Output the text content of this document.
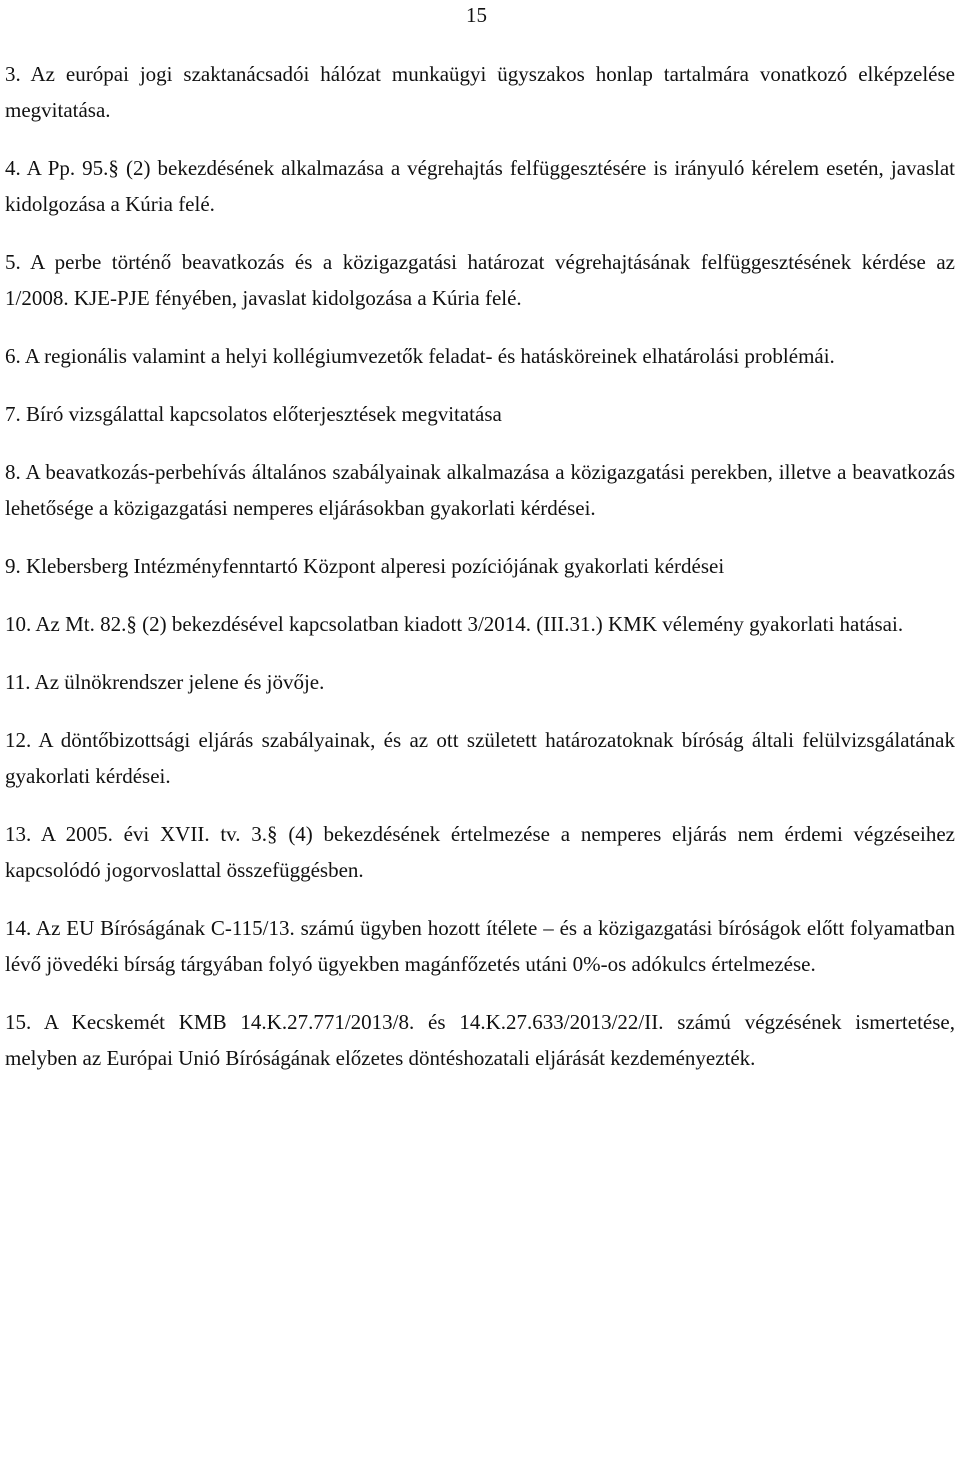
15

3. Az európai jogi szaktanácsadói hálózat munkaügyi ügyszakos honlap tartalmára vonatkozó elképzelése megvitatása.

4. A Pp. 95.§ (2) bekezdésének alkalmazása a végrehajtás felfüggesztésére is irányuló kérelem esetén, javaslat kidolgozása a Kúria felé.

5. A perbe történő beavatkozás és a közigazgatási határozat végrehajtásának felfüggesztésének kérdése az 1/2008. KJE-PJE fényében, javaslat kidolgozása a Kúria felé.

6. A regionális valamint a helyi kollégiumvezetők feladat- és hatásköreinek elhatárolási problémái.

7. Bíró vizsgálattal kapcsolatos előterjesztések megvitatása

8. A beavatkozás-perbehívás általános szabályainak alkalmazása a közigazgatási perekben, illetve a beavatkozás lehetősége a közigazgatási nemperes eljárásokban gyakorlati kérdései.

9. Klebersberg Intézményfenntartó Központ alperesi pozíciójának gyakorlati kérdései

10. Az Mt. 82.§ (2) bekezdésével kapcsolatban kiadott 3/2014. (III.31.) KMK vélemény gyakorlati hatásai.

11. Az ülnökrendszer jelene és jövője.

12. A döntőbizottsági eljárás szabályainak, és az ott született határozatoknak bíróság általi felülvizsgálatának gyakorlati kérdései.

13. A 2005. évi XVII. tv. 3.§ (4) bekezdésének értelmezése a nemperes eljárás nem érdemi végzéseihez kapcsolódó jogorvoslattal összefüggésben.

14. Az EU Bíróságának C-115/13. számú ügyben hozott ítélete – és a közigazgatási bíróságok előtt folyamatban lévő jövedéki bírság tárgyában folyó ügyekben magánfőzetés utáni 0%-os adókulcs értelmezése.

15. A Kecskemét KMB 14.K.27.771/2013/8. és 14.K.27.633/2013/22/II. számú végzésének ismertetése, melyben az Európai Unió Bíróságának előzetes döntéshozatali eljárását kezdeményezték.
